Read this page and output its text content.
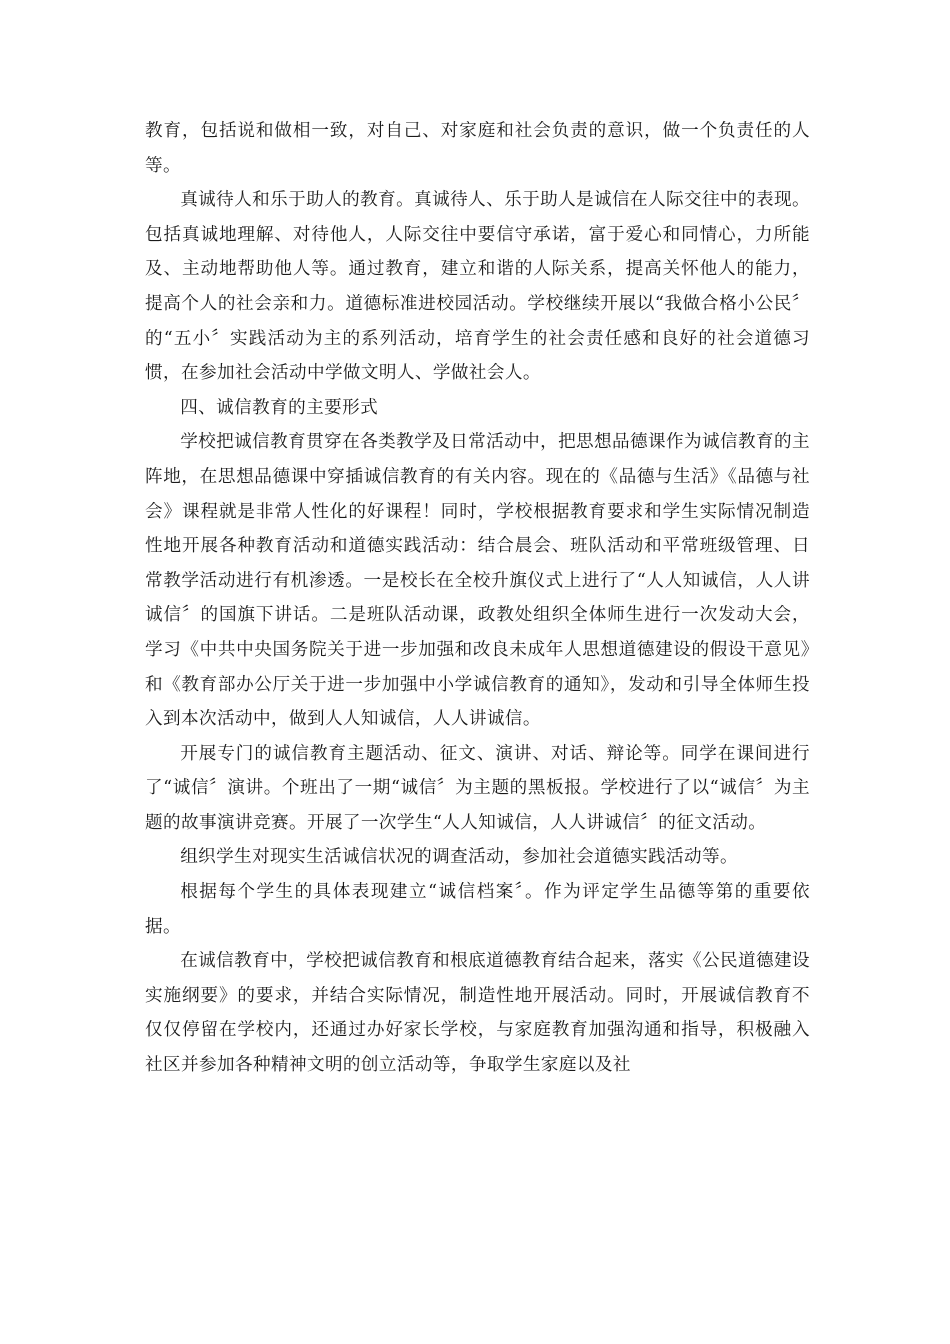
教育，包括说和做相一致，对自己、对家庭和社会负责的意识，做一个负责任的人等。

真诚待人和乐于助人的教育。真诚待人、乐于助人是诚信在人际交往中的表现。包括真诚地理解、对待他人，人际交往中要信守承诺，富于爱心和同情心，力所能及、主动地帮助他人等。通过教育，建立和谐的人际关系，提高关怀他人的能力，提高个人的社会亲和力。道德标准进校园活动。学校继续开展以“我做合格小公民〞的“五小〞实践活动为主的系列活动，培育学生的社会责任感和良好的社会道德习惯，在参加社会活动中学做文明人、学做社会人。

四、诚信教育的主要形式

学校把诚信教育贯穿在各类教学及日常活动中，把思想品德课作为诚信教育的主阵地，在思想品德课中穿插诚信教育的有关内容。现在的《品德与生活》《品德与社会》课程就是非常人性化的好课程！同时，学校根据教育要求和学生实际情况制造性地开展各种教育活动和道德实践活动：结合晨会、班队活动和平常班级管理、日常教学活动进行有机渗透。一是校长在全校升旗仪式上进行了“人人知诚信，人人讲诚信〞的国旗下讲话。二是班队活动课，政教处组织全体师生进行一次发动大会，学习《中共中央国务院关于进一步加强和改良未成年人思想道德建设的假设干意见》和《教育部办公厅关于进一步加强中小学诚信教育的通知》，发动和引导全体师生投入到本次活动中，做到人人知诚信，人人讲诚信。

开展专门的诚信教育主题活动、征文、演讲、对话、辩论等。同学在课间进行了“诚信〞演讲。个班出了一期“诚信〞为主题的黑板报。学校进行了以“诚信〞为主题的故事演讲竞赛。开展了一次学生“人人知诚信，人人讲诚信〞的征文活动。

组织学生对现实生活诚信状况的调查活动，参加社会道德实践活动等。

根据每个学生的具体表现建立“诚信档案〞。作为评定学生品德等第的重要依据。

在诚信教育中，学校把诚信教育和根底道德教育结合起来，落实《公民道德建设实施纲要》的要求，并结合实际情况，制造性地开展活动。同时，开展诚信教育不仅仅停留在学校内，还通过办好家长学校，与家庭教育加强沟通和指导，积极融入社区并参加各种精神文明的创立活动等，争取学生家庭以及社
